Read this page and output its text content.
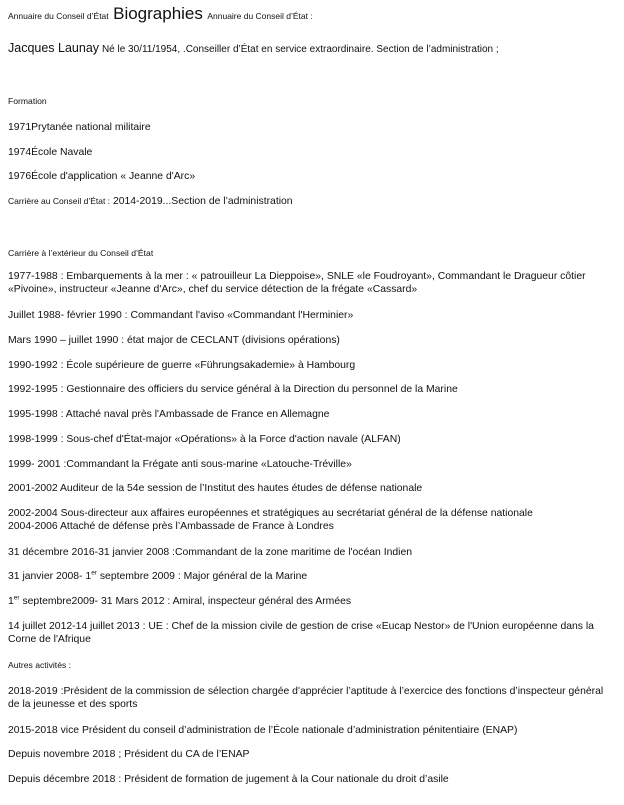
Annuaire du Conseil d’État Biographies Annuaire du Conseil d’État :
Jacques Launay Né le 30/11/1954, .Conseiller d’État en service extraordinaire. Section de l’administration ;
Formation
1971Prytanée national militaire
1974École Navale
1976École d'application « Jeanne d'Arc»
Carrière au Conseil d’État : 2014-2019...Section de l’administration
Carrière à l’extérieur du Conseil d’État
1977-1988 : Embarquements à la mer : « patrouilleur La Dieppoise», SNLE «le Foudroyant», Commandant le Dragueur côtier «Pivoine», instructeur «Jeanne d'Arc», chef du service détection de la frégate «Cassard»
Juillet 1988- février 1990 : Commandant l'aviso «Commandant l'Herminier»
Mars 1990 – juillet 1990 : état major de CECLANT (divisions opérations)
1990-1992 : École supérieure de guerre «Führungsakademie» à Hambourg
1992-1995 : Gestionnaire des officiers du service général à la Direction du personnel de la Marine
1995-1998 : Attaché naval près l'Ambassade de France en Allemagne
1998-1999 : Sous-chef d'État-major «Opérations» à la Force d'action navale (ALFAN)
1999- 2001 :Commandant la Frégate anti sous-marine «Latouche-Tréville»
2001-2002 Auditeur de la 54e session de l’Institut des hautes études de défense nationale
2002-2004 Sous-directeur aux affaires européennes et stratégiques au secrétariat général de la défense nationale
2004-2006 Attaché de défense près l’Ambassade de France à Londres
31 décembre 2016-31 janvier 2008 :Commandant de la zone maritime de l'océan Indien
31 janvier 2008- 1er septembre 2009 : Major général de la Marine
1er septembre2009- 31 Mars 2012 : Amiral, inspecteur général des Armées
14 juillet 2012-14 juillet 2013 : UE : Chef de la mission civile de gestion de crise «Eucap Nestor» de l'Union européenne dans la Corne de l'Afrique
Autres activités :
2018-2019 :Président de la commission de sélection chargée d'apprécier l’aptitude à l’exercice des fonctions d’inspecteur général de la jeunesse et des sports
2015-2018 vice Président du conseil d’administration de l’École nationale d’administration pénitentiaire (ENAP)
Depuis novembre 2018 ; Président du CA de l’ENAP
Depuis décembre 2018 : Président de formation de jugement à la Cour nationale du droit d’asile
